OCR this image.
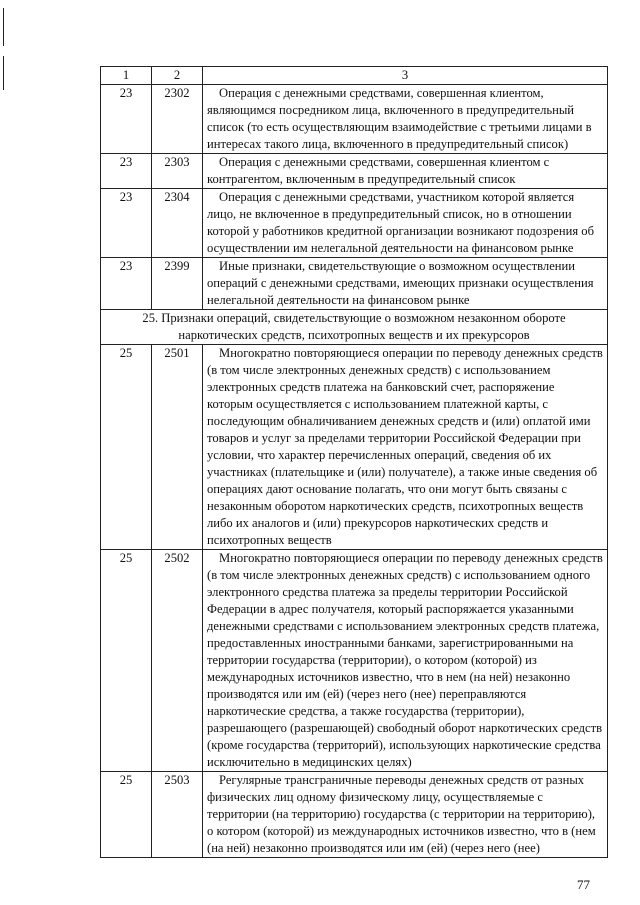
1	2	3
23	2302	Операция с денежными средствами, совершенная клиентом, являющимся посредником лица, включенного в предупредительный список (то есть осуществляющим взаимодействие с третьими лицами в интересах такого лица, включенного в предупредительный список)

23	2303	Операция с денежными средствами, совершенная клиентом с контрагентом, включенным в предупредительный список

23	2304	Операция с денежными средствами, участником которой является лицо, не включенное в предупредительный список, но в отношении которой у работников кредитной организации возникают подозрения об осуществлении им нелегальной деятельности на финансовом рынке

23	2399	Иные признаки, свидетельствующие о возможном осуществлении операций с денежными средствами, имеющих признаки осуществления нелегальной деятельности на финансовом рынке

25. Признаки операций, свидетельствующие о возможном незаконном обороте наркотических средств, психотропных веществ и их прекурсоров		
25	2501	Многократно повторяющиеся операции по переводу денежных средств (в том числе электронных денежных средств) с использованием электронных средств платежа на банковский счет, распоряжение которым осуществляется с использованием платежной карты, с последующим обналичиванием денежных средств и (или) оплатой ими товаров и услуг за пределами территории Российской Федерации при условии, что характер перечисленных операций, сведения об их участниках (плательщике и (или) получателе), а также иные сведения об операциях дают основание полагать, что они могут быть связаны с незаконным оборотом наркотических средств, психотропных веществ либо их аналогов и (или) прекурсоров наркотических средств и психотропных веществ

25	2502	Многократно повторяющиеся операции по переводу денежных средств (в том числе электронных денежных средств) с использованием одного электронного средства платежа за пределы территории Российской Федерации в адрес получателя, который распоряжается указанными денежными средствами с использованием электронных средств платежа, предоставленных иностранными банками, зарегистрированными на территории государства (территории), о котором (которой) из международных источников известно, что в нем (на ней) незаконно производятся или им (ей) (через него (нее) переправляются наркотические средства, а также государства (территории), разрешающего (разрешающей) свободный оборот наркотических средств (кроме государства (территорий), использующих наркотические средства исключительно в медицинских целях)

25	2503	Регулярные трансграничные переводы денежных средств от разных физических лиц одному физическому лицу, осуществляемые с территории (на территорию) государства (с территории на территорию), о котором (которой) из международных источников известно, что в (нем (на ней) незаконно производятся или им (ей) (через него (нее)
77
